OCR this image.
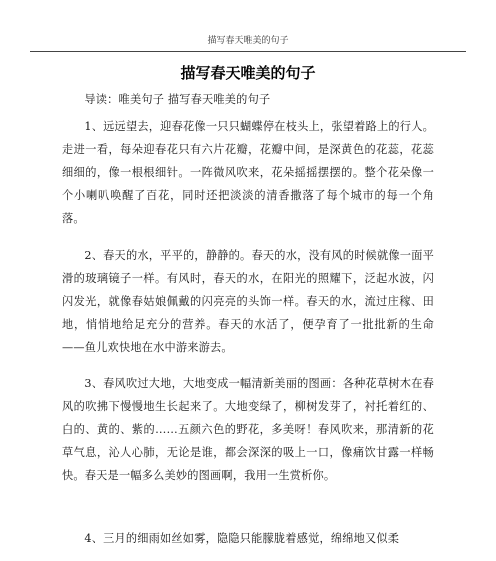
描写春天唯美的句子
描写春天唯美的句子

导读：唯美句子 描写春天唯美的句子

1、远远望去，迎春花像一只只蝴蝶停在枝头上，张望着路上的行人。走进一看，每朵迎春花只有六片花瓣，花瓣中间，是深黄色的花蕊，花蕊细细的，像一根根细针。一阵微风吹来，花朵摇摇摆摆的。整个花朵像一个小喇叭唤醒了百花，同时还把淡淡的清香撒落了每个城市的每一个角落。

2、春天的水，平平的，静静的。春天的水，没有风的时候就像一面平滑的玻璃镜子一样。有风时，春天的水，在阳光的照耀下，泛起水波，闪闪发光，就像春姑娘佩戴的闪亮亮的头饰一样。春天的水，流过庄稼、田地，悄悄地给足充分的营养。春天的水活了，便孕育了一批批新的生命——鱼儿欢快地在水中游来游去。

3、春风吹过大地，大地变成一幅清新美丽的图画：各种花草树木在春风的吹拂下慢慢地生长起来了。大地变绿了，柳树发芽了，衬托着红的、白的、黄的、紫的……五颜六色的野花，多美呀！春风吹来，那清新的花草气息，沁人心肺，无论是谁，都会深深的吸上一口，像痛饮甘露一样畅快。春天是一幅多么美妙的图画啊，我用一生赏析你。

4、三月的细雨如丝如雾，隐隐只能朦胧着感觉，绵绵地又似柔
